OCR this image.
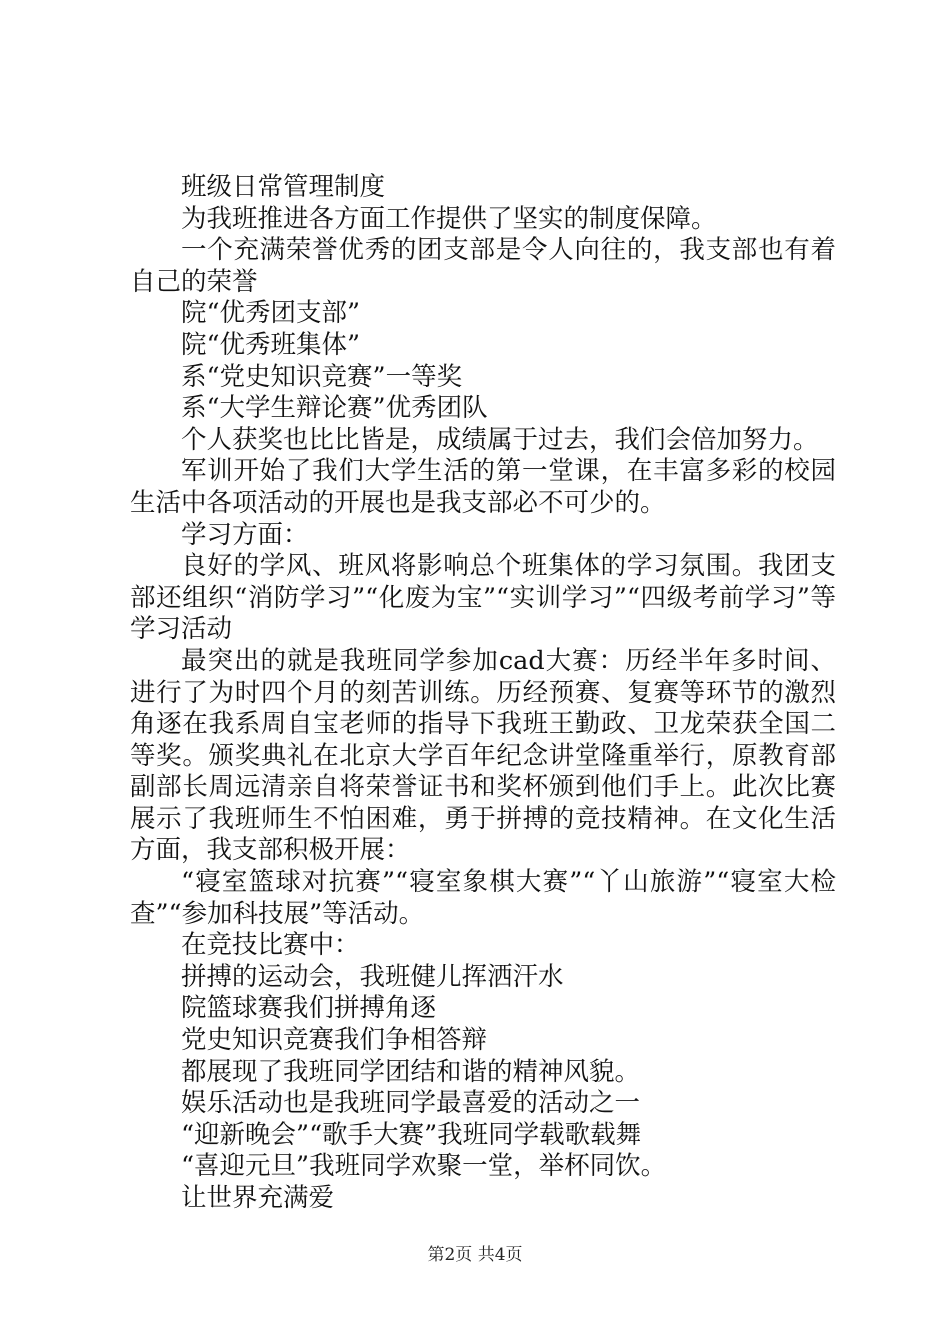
班级日常管理制度

为我班推进各方面工作提供了坚实的制度保障。

一个充满荣誉优秀的团支部是令人向往的，我支部也有着自己的荣誉

院“优秀团支部”

院“优秀班集体”

系“党史知识竞赛”一等奖

系“大学生辩论赛”优秀团队

个人获奖也比比皆是，成绩属于过去，我们会倍加努力。

军训开始了我们大学生活的第一堂课，在丰富多彩的校园生活中各项活动的开展也是我支部必不可少的。

学习方面：

良好的学风、班风将影响总个班集体的学习氛围。我团支部还组织“消防学习”“化废为宝”“实训学习”“四级考前学习”等学习活动

最突出的就是我班同学参加cad大赛：历经半年多时间、进行了为时四个月的刻苦训练。历经预赛、复赛等环节的激烈角逐在我系周自宝老师的指导下我班王勤政、卫龙荣获全国二等奖。颁奖典礼在北京大学百年纪念讲堂隆重举行，原教育部副部长周远清亲自将荣誉证书和奖杯颁到他们手上。此次比赛展示了我班师生不怕困难，勇于拼搏的竞技精神。在文化生活方面，我支部积极开展：

“寝室篮球对抗赛”“寝室象棋大赛”“丫山旅游”“寝室大检查”“参加科技展”等活动。

在竞技比赛中：

拼搏的运动会，我班健儿挥洒汗水

院篮球赛我们拼搏角逐

党史知识竞赛我们争相答辩

都展现了我班同学团结和谐的精神风貌。

娱乐活动也是我班同学最喜爱的活动之一

“迎新晚会”“歌手大赛”我班同学载歌载舞

“喜迎元旦”我班同学欢聚一堂，举杯同饮。

让世界充满爱

第2页 共4页
